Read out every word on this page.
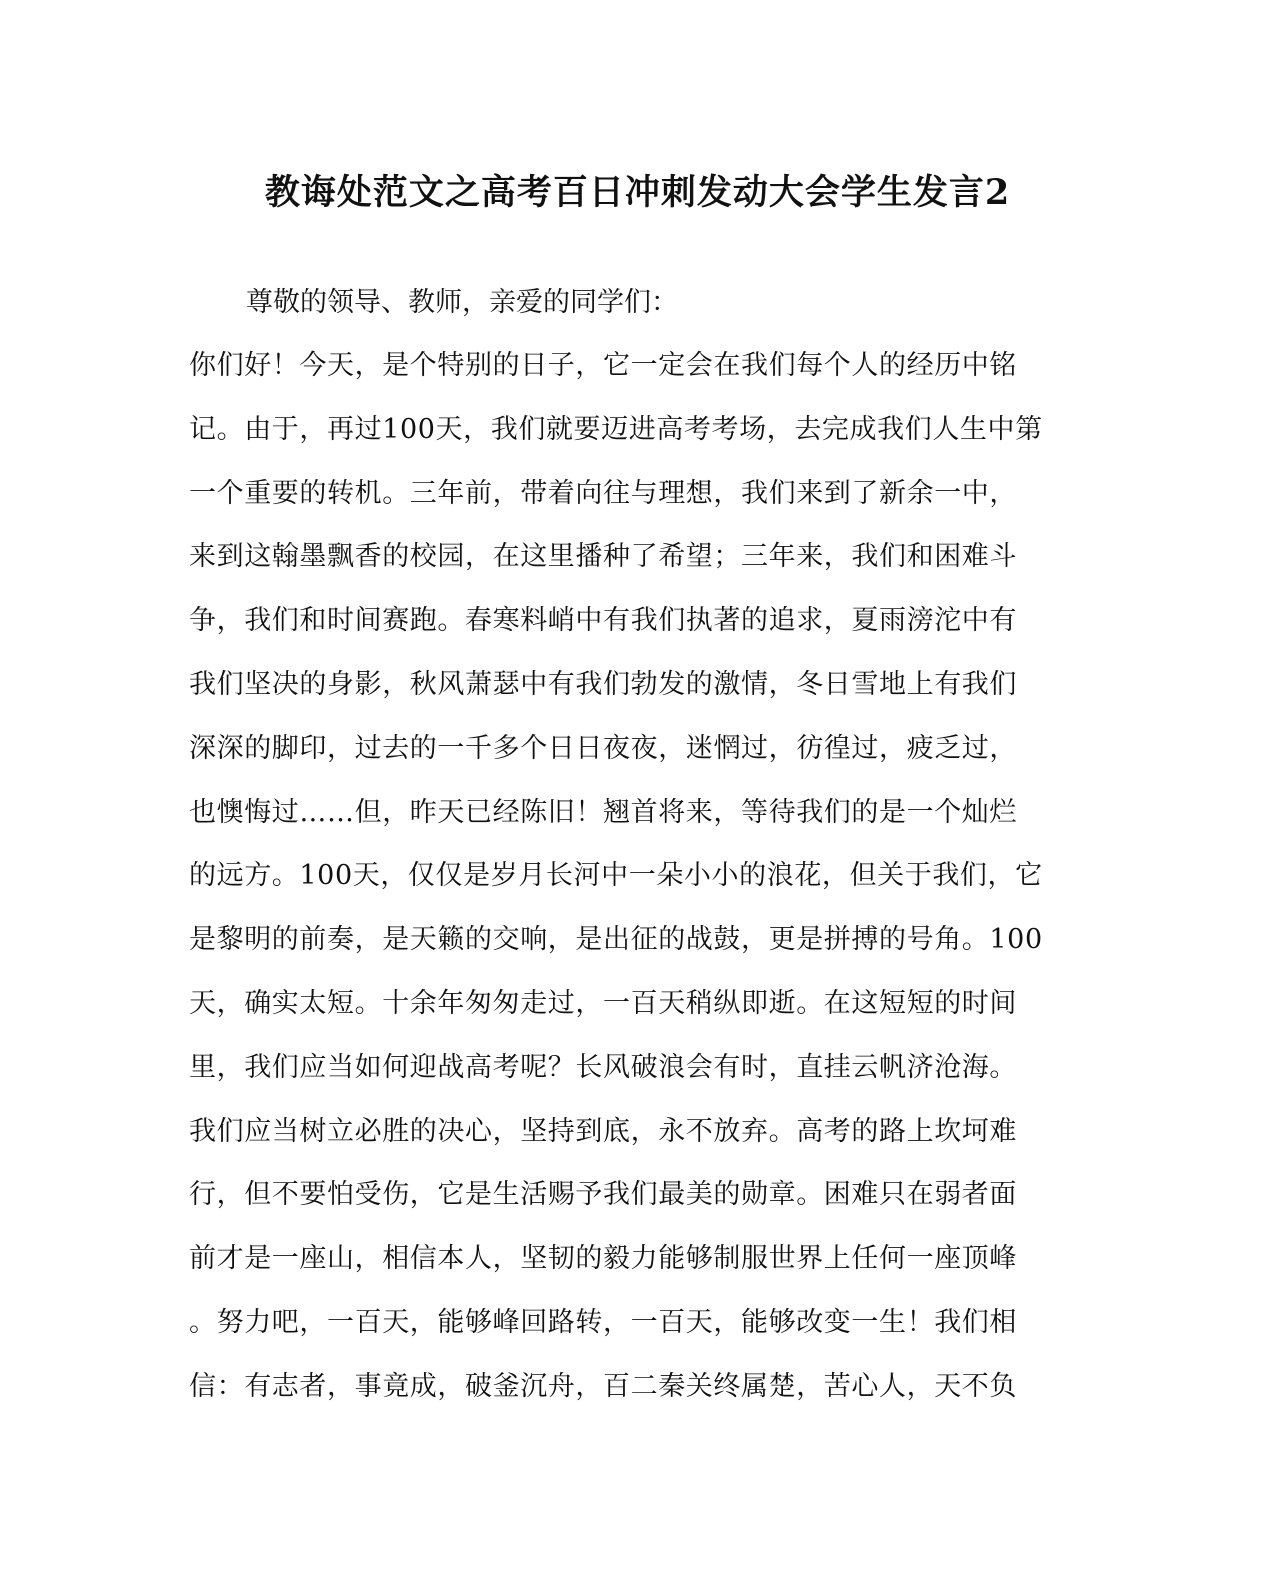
教诲处范文之高考百日冲刺发动大会学生发言2
尊敬的领导、教师，亲爱的同学们：
你们好！今天，是个特别的日子，它一定会在我们每个人的经历中铭
记。由于，再过100天，我们就要迈进高考考场，去完成我们人生中第
一个重要的转机。三年前，带着向往与理想，我们来到了新余一中，
来到这翰墨飘香的校园，在这里播种了希望；三年来，我们和困难斗
争，我们和时间赛跑。春寒料峭中有我们执著的追求，夏雨滂沱中有
我们坚决的身影，秋风萧瑟中有我们勃发的激情，冬日雪地上有我们
深深的脚印，过去的一千多个日日夜夜，迷惘过，彷徨过，疲乏过，
也懊悔过……但，昨天已经陈旧！翘首将来，等待我们的是一个灿烂
的远方。100天，仅仅是岁月长河中一朵小小的浪花，但关于我们，它
是黎明的前奏，是天籁的交响，是出征的战鼓，更是拼搏的号角。100
天，确实太短。十余年匆匆走过，一百天稍纵即逝。在这短短的时间
里，我们应当如何迎战高考呢？长风破浪会有时，直挂云帆济沧海。
我们应当树立必胜的决心，坚持到底，永不放弃。高考的路上坎坷难
行，但不要怕受伤，它是生活赐予我们最美的勋章。困难只在弱者面
前才是一座山，相信本人，坚韧的毅力能够制服世界上任何一座顶峰
。努力吧，一百天，能够峰回路转，一百天，能够改变一生！我们相
信：有志者，事竟成，破釜沉舟，百二秦关终属楚，苦心人，天不负
